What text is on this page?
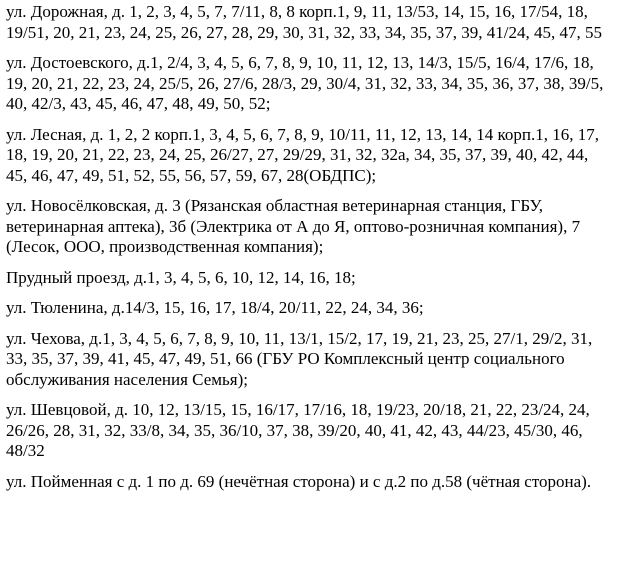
ул. Дорожная, д. 1, 2, 3, 4, 5, 7, 7/11, 8, 8 корп.1, 9, 11, 13/53, 14, 15, 16, 17/54, 18, 19/51, 20, 21, 23, 24, 25, 26, 27, 28, 29, 30, 31, 32, 33, 34, 35, 37, 39, 41/24, 45, 47, 55

ул. Достоевского, д.1, 2/4, 3, 4, 5, 6, 7, 8, 9, 10, 11, 12, 13, 14/3, 15/5, 16/4, 17/6, 18, 19, 20, 21, 22, 23, 24, 25/5, 26, 27/6, 28/3, 29, 30/4, 31, 32, 33, 34, 35, 36, 37, 38, 39/5, 40, 42/3, 43, 45, 46, 47, 48, 49, 50, 52;

ул. Лесная, д. 1, 2, 2 корп.1, 3, 4, 5, 6, 7, 8, 9, 10/11, 11, 12, 13, 14, 14 корп.1, 16, 17, 18, 19, 20, 21, 22, 23, 24, 25, 26/27, 27, 29/29, 31, 32, 32а, 34, 35, 37, 39, 40, 42, 44, 45, 46, 47, 49, 51, 52, 55, 56, 57, 59, 67, 28(ОБДПС);

ул. Новосёлковская, д. 3 (Рязанская областная ветеринарная станция, ГБУ, ветеринарная аптека), 3б (Электрика от А до Я, оптово-розничная компания), 7 (Лесок, ООО, производственная компания);

Прудный проезд, д.1, 3, 4, 5, 6, 10, 12, 14, 16, 18;

ул. Тюленина, д.14/3, 15, 16, 17, 18/4, 20/11, 22, 24, 34, 36;

ул. Чехова, д.1, 3, 4, 5, 6, 7, 8, 9, 10, 11, 13/1, 15/2, 17, 19, 21, 23, 25, 27/1, 29/2, 31, 33, 35, 37, 39, 41, 45, 47, 49, 51, 66 (ГБУ РО Комплексный центр социального обслуживания населения Семья);

ул. Шевцовой, д. 10, 12, 13/15, 15, 16/17, 17/16, 18, 19/23, 20/18, 21, 22, 23/24, 24, 26/26, 28, 31, 32, 33/8, 34, 35, 36/10, 37, 38, 39/20, 40, 41, 42, 43, 44/23, 45/30, 46, 48/32

ул. Пойменная с д. 1 по д. 69 (нечётная сторона) и с д.2 по д.58 (чётная сторона).
